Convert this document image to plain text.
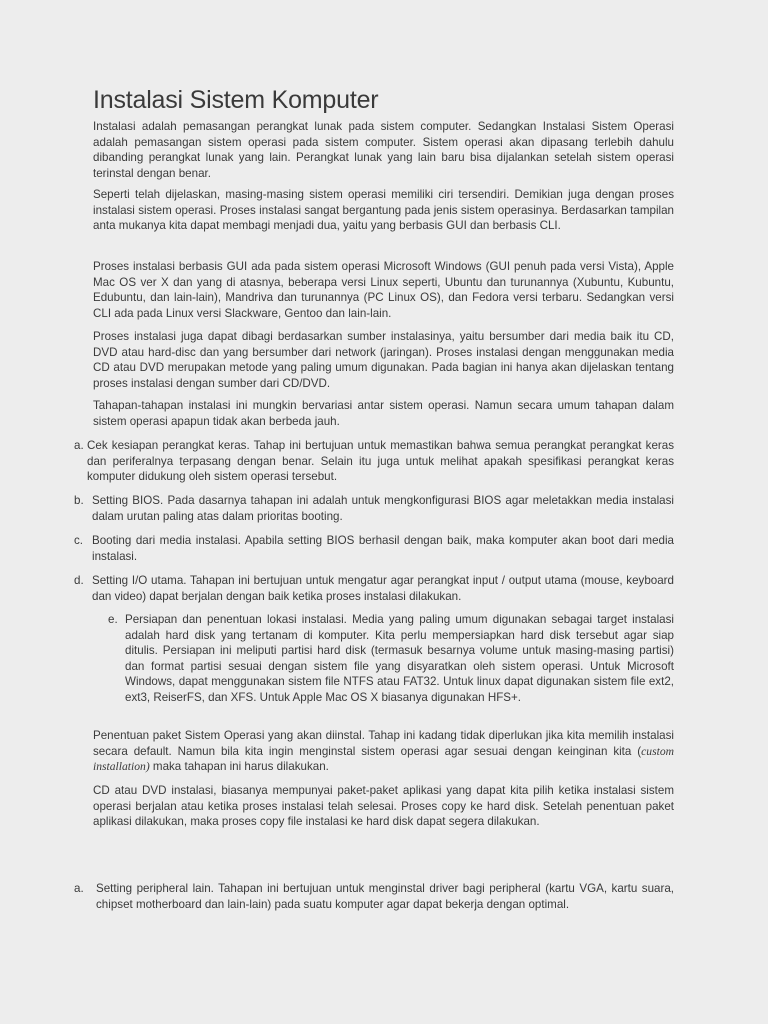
Instalasi Sistem Komputer

Instalasi adalah pemasangan perangkat lunak pada sistem computer. Sedangkan Instalasi Sistem Operasi adalah pemasangan sistem operasi pada sistem computer. Sistem operasi akan dipasang terlebih dahulu dibanding perangkat lunak yang lain. Perangkat lunak yang lain baru bisa dijalankan setelah sistem operasi terinstal dengan benar.

Seperti telah dijelaskan, masing-masing sistem operasi memiliki ciri tersendiri. Demikian juga dengan proses instalasi sistem operasi. Proses instalasi sangat bergantung pada jenis sistem operasinya. Berdasarkan tampilan anta mukanya kita dapat membagi menjadi dua, yaitu yang berbasis GUI dan berbasis CLI.

Proses instalasi berbasis GUI ada pada sistem operasi Microsoft Windows (GUI penuh pada versi Vista), Apple Mac OS ver X dan yang di atasnya, beberapa versi Linux seperti, Ubuntu dan turunannya (Xubuntu, Kubuntu, Edubuntu, dan lain-lain), Mandriva dan turunannya (PC Linux OS), dan Fedora versi terbaru. Sedangkan versi CLI ada pada Linux versi Slackware, Gentoo dan lain-lain.

Proses instalasi juga dapat dibagi berdasarkan sumber instalasinya, yaitu bersumber dari media baik itu CD, DVD atau hard-disc dan yang bersumber dari network (jaringan). Proses instalasi dengan menggunakan media CD atau DVD merupakan metode yang paling umum digunakan. Pada bagian ini hanya akan dijelaskan tentang proses instalasi dengan sumber dari CD/DVD.

Tahapan-tahapan instalasi ini mungkin bervariasi antar sistem operasi. Namun secara umum tahapan dalam sistem operasi apapun tidak akan berbeda jauh.

a. Cek kesiapan perangkat keras. Tahap ini bertujuan untuk memastikan bahwa semua perangkat perangkat keras dan periferalnya terpasang dengan benar. Selain itu juga untuk melihat apakah spesifikasi perangkat keras komputer didukung oleh sistem operasi tersebut.
b. Setting BIOS. Pada dasarnya tahapan ini adalah untuk mengkonfigurasi BIOS agar meletakkan media instalasi dalam urutan paling atas dalam prioritas booting.
c. Booting dari media instalasi. Apabila setting BIOS berhasil dengan baik, maka komputer akan boot dari media instalasi.
d. Setting I/O utama. Tahapan ini bertujuan untuk mengatur agar perangkat input / output utama (mouse, keyboard dan video) dapat berjalan dengan baik ketika proses instalasi dilakukan.
e. Persiapan dan penentuan lokasi instalasi. Media yang paling umum digunakan sebagai target instalasi adalah hard disk yang tertanam di komputer. Kita perlu mempersiapkan hard disk tersebut agar siap ditulis. Persiapan ini meliputi partisi hard disk (termasuk besarnya volume untuk masing-masing partisi) dan format partisi sesuai dengan sistem file yang disyaratkan oleh sistem operasi. Untuk Microsoft Windows, dapat menggunakan sistem file NTFS atau FAT32. Untuk linux dapat digunakan sistem file ext2, ext3, ReiserFS, dan XFS. Untuk Apple Mac OS X biasanya digunakan HFS+.

Penentuan paket Sistem Operasi yang akan diinstal. Tahap ini kadang tidak diperlukan jika kita memilih instalasi secara default. Namun bila kita ingin menginstal sistem operasi agar sesuai dengan keinginan kita (custom installation) maka tahapan ini harus dilakukan.

CD atau DVD instalasi, biasanya mempunyai paket-paket aplikasi yang dapat kita pilih ketika instalasi sistem operasi berjalan atau ketika proses instalasi telah selesai. Proses copy ke hard disk. Setelah penentuan paket aplikasi dilakukan, maka proses copy file instalasi ke hard disk dapat segera dilakukan.

a.	Setting peripheral lain. Tahapan ini bertujuan untuk menginstal driver bagi peripheral (kartu VGA, kartu suara, chipset motherboard dan lain-lain) pada suatu komputer agar dapat bekerja dengan optimal.
